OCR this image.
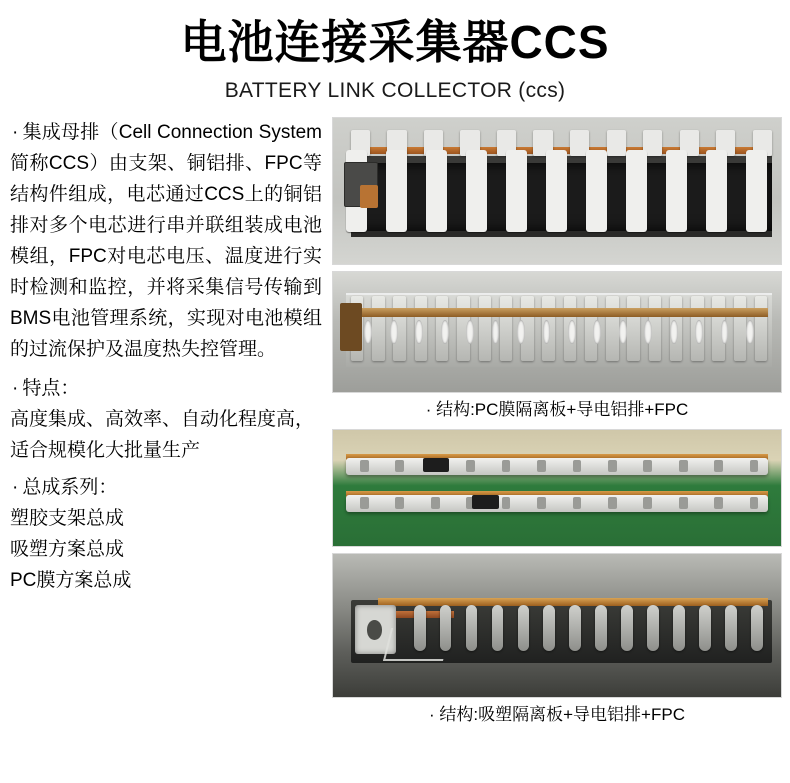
电池连接采集器CCS
BATTERY LINK COLLECTOR (ccs)

· 集成母排（Cell Connection System 简称CCS）由支架、铜铝排、FPC等结构件组成，电芯通过CCS上的铜铝排对多个电芯进行串并联组装成电池模组，FPC对电芯电压、温度进行实时检测和监控，并将采集信号传输到BMS电池管理系统，实现对电池模组的过流保护及温度热失控管理。

· 特点：

高度集成、高效率、自动化程度高，适合规模化大批量生产

· 总成系列：

塑胶支架总成

吸塑方案总成

PC膜方案总成

· 结构:PC膜隔离板+导电铝排+FPC
· 结构:吸塑隔离板+导电铝排+FPC
